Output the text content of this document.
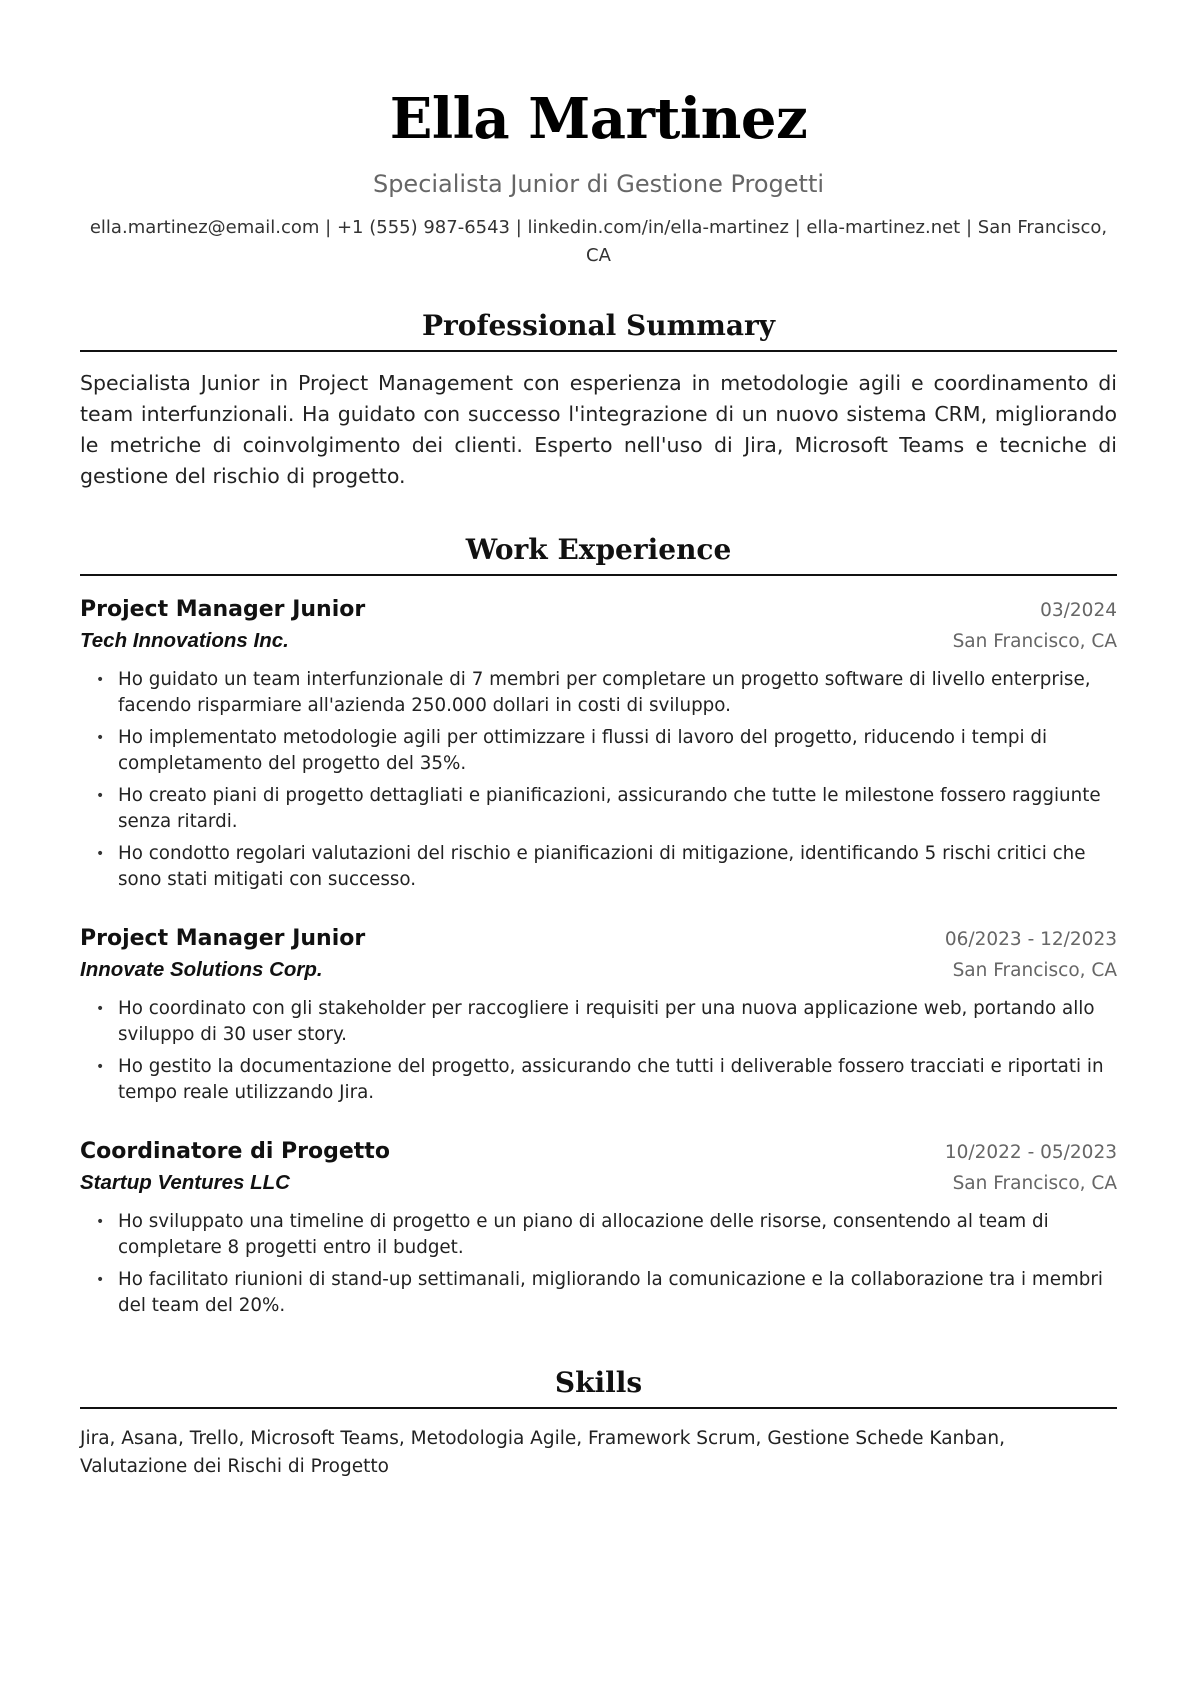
Ella Martinez
Specialista Junior di Gestione Progetti
ella.martinez@email.com | +1 (555) 987-6543 | linkedin.com/in/ella-martinez | ella-martinez.net | San Francisco, CA
Professional Summary
Specialista Junior in Project Management con esperienza in metodologie agili e coordinamento di team interfunzionali. Ha guidato con successo l'integrazione di un nuovo sistema CRM, migliorando le metriche di coinvolgimento dei clienti. Esperto nell'uso di Jira, Microsoft Teams e tecniche di gestione del rischio di progetto.
Work Experience
Project Manager Junior	03/2024
Tech Innovations Inc.	San Francisco, CA
• Ho guidato un team interfunzionale di 7 membri per completare un progetto software di livello enterprise, facendo risparmiare all'azienda 250.000 dollari in costi di sviluppo.
• Ho implementato metodologie agili per ottimizzare i flussi di lavoro del progetto, riducendo i tempi di completamento del progetto del 35%.
• Ho creato piani di progetto dettagliati e pianificazioni, assicurando che tutte le milestone fossero raggiunte senza ritardi.
• Ho condotto regolari valutazioni del rischio e pianificazioni di mitigazione, identificando 5 rischi critici che sono stati mitigati con successo.
Project Manager Junior	06/2023 - 12/2023
Innovate Solutions Corp.	San Francisco, CA
• Ho coordinato con gli stakeholder per raccogliere i requisiti per una nuova applicazione web, portando allo sviluppo di 30 user story.
• Ho gestito la documentazione del progetto, assicurando che tutti i deliverable fossero tracciati e riportati in tempo reale utilizzando Jira.
Coordinatore di Progetto	10/2022 - 05/2023
Startup Ventures LLC	San Francisco, CA
• Ho sviluppato una timeline di progetto e un piano di allocazione delle risorse, consentendo al team di completare 8 progetti entro il budget.
• Ho facilitato riunioni di stand-up settimanali, migliorando la comunicazione e la collaborazione tra i membri del team del 20%.
Skills
Jira, Asana, Trello, Microsoft Teams, Metodologia Agile, Framework Scrum, Gestione Schede Kanban, Valutazione dei Rischi di Progetto
